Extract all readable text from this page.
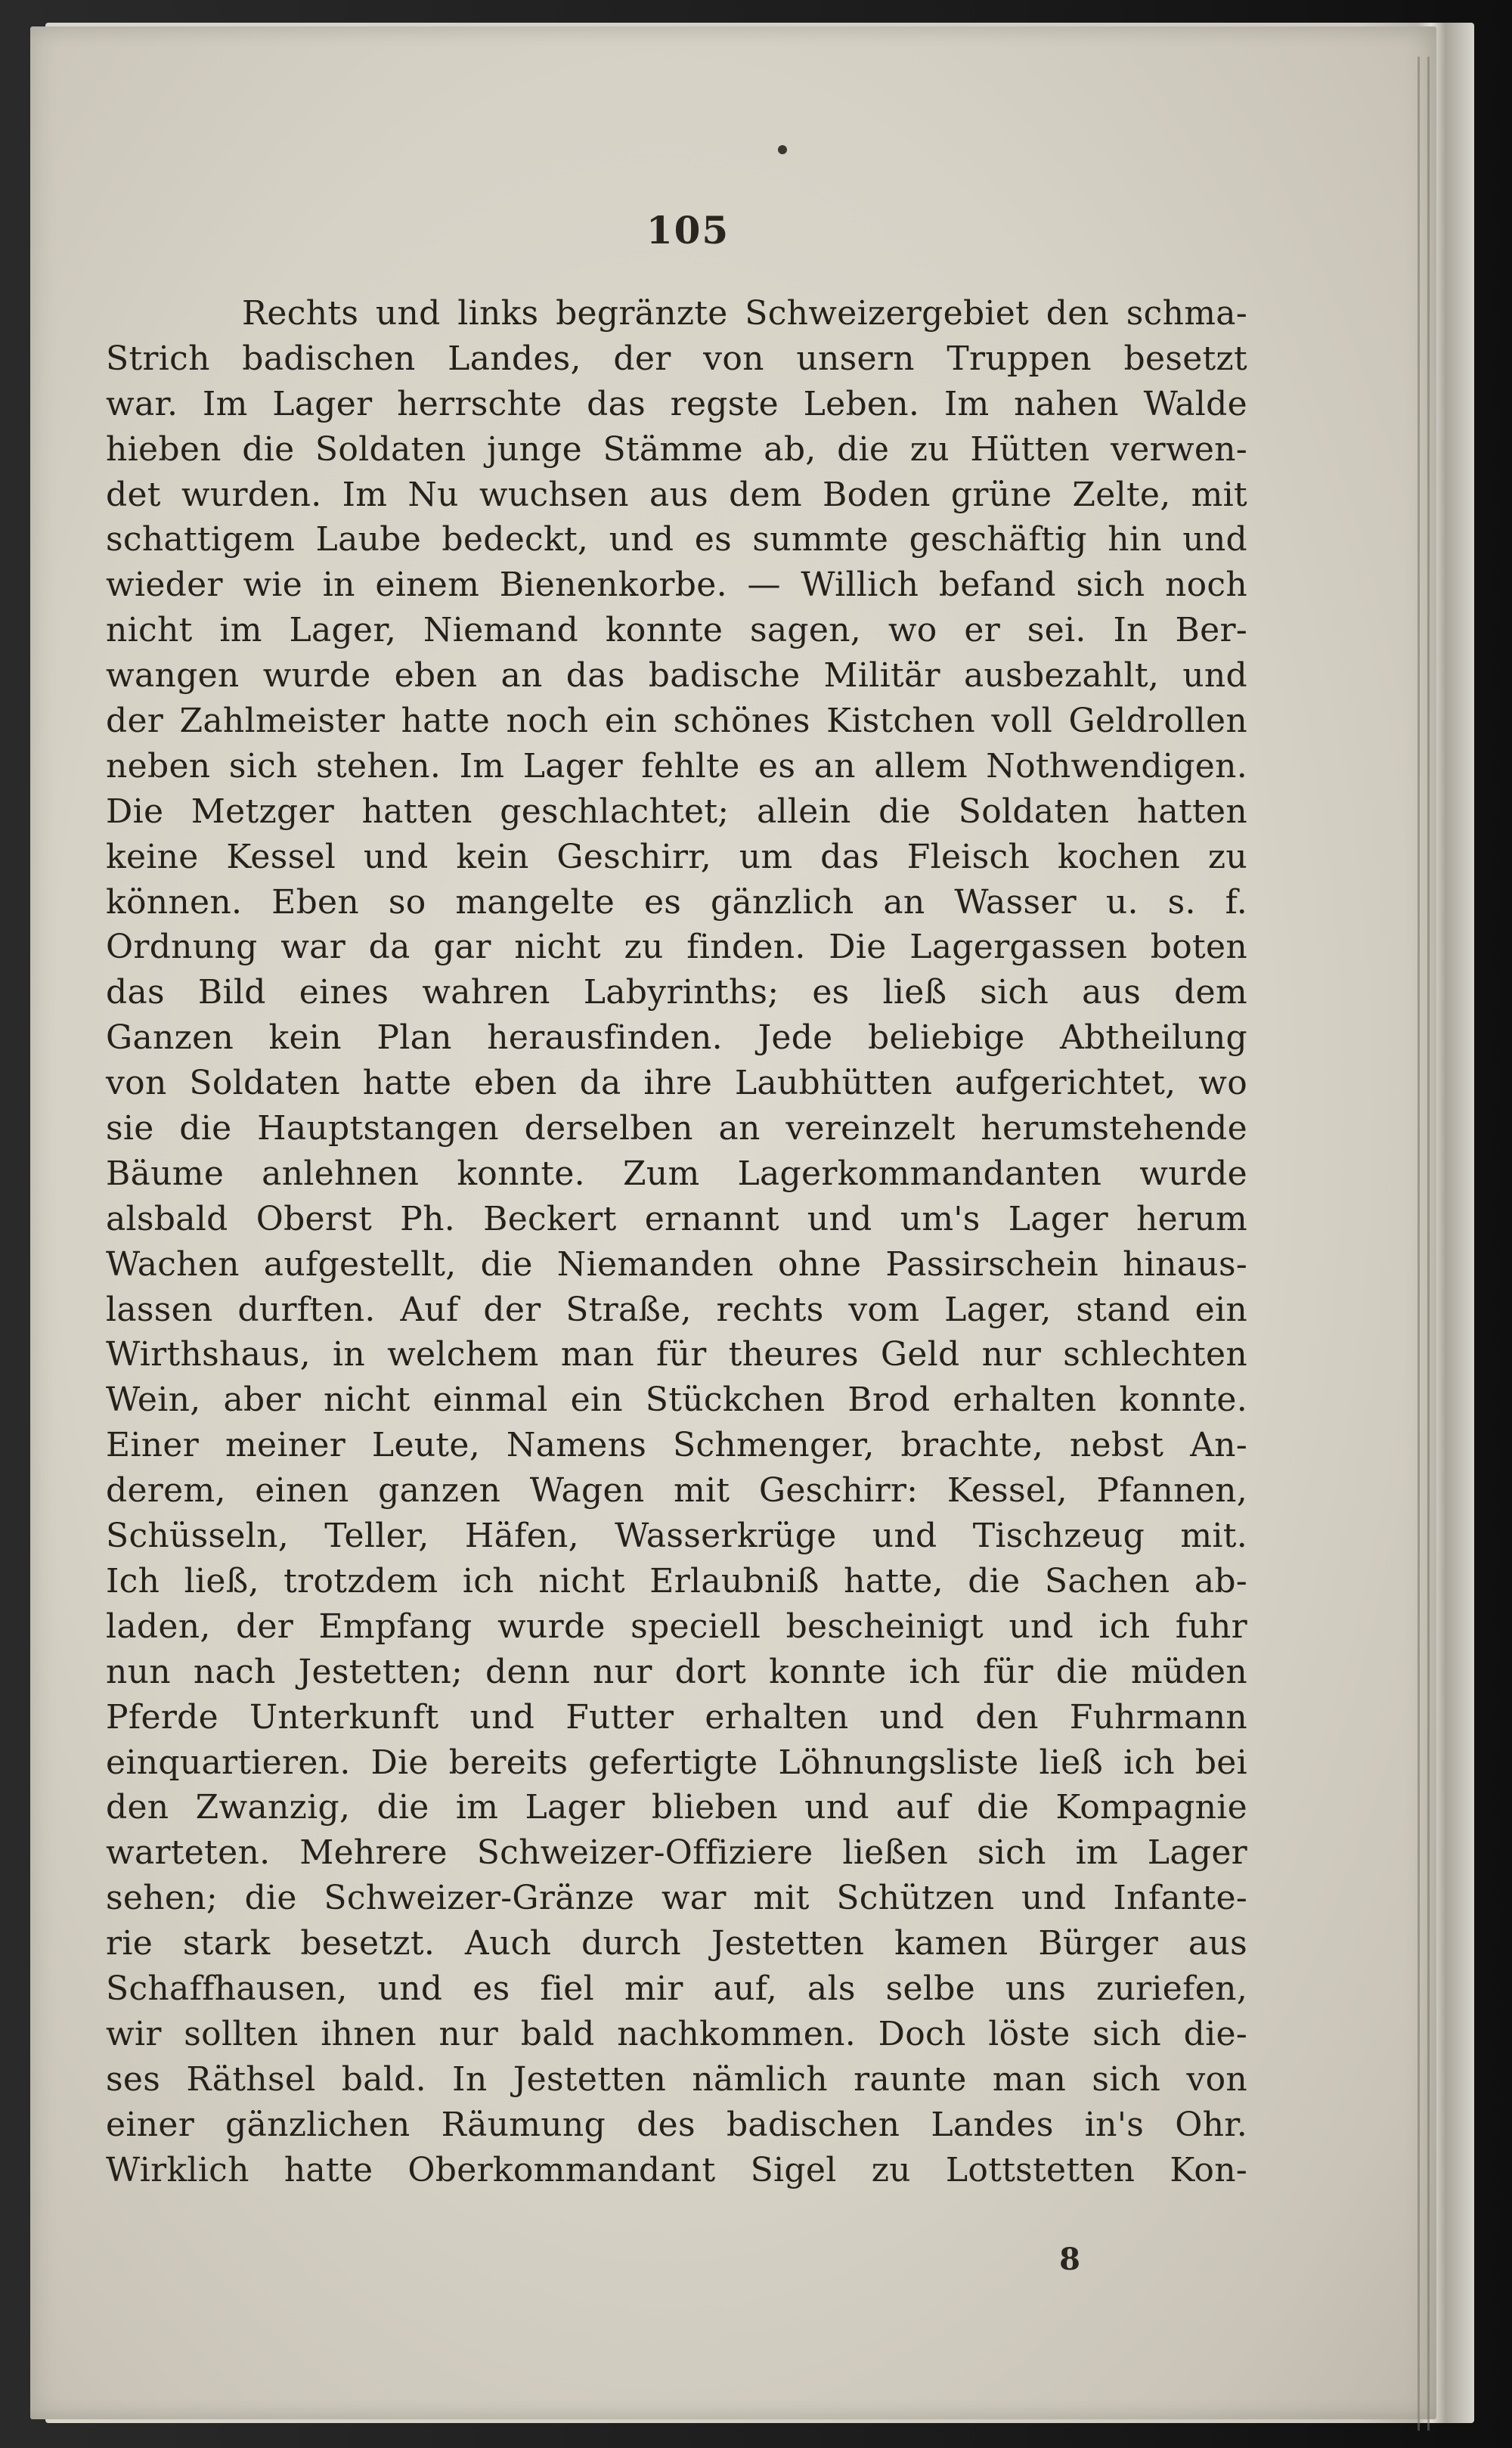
105
Rechts und links begränzte Schweizergebiet den schma-
Strich badischen Landes, der von unsern Truppen besetzt
war. Im Lager herrschte das regste Leben. Im nahen Walde
hieben die Soldaten junge Stämme ab, die zu Hütten verwen-
det wurden. Im Nu wuchsen aus dem Boden grüne Zelte, mit
schattigem Laube bedeckt, und es summte geschäftig hin und
wieder wie in einem Bienenkorbe. — Willich befand sich noch
nicht im Lager, Niemand konnte sagen, wo er sei. In Ber-
wangen wurde eben an das badische Militär ausbezahlt, und
der Zahlmeister hatte noch ein schönes Kistchen voll Geldrollen
neben sich stehen. Im Lager fehlte es an allem Nothwendigen.
Die Metzger hatten geschlachtet; allein die Soldaten hatten
keine Kessel und kein Geschirr, um das Fleisch kochen zu
können. Eben so mangelte es gänzlich an Wasser u. s. f.
Ordnung war da gar nicht zu finden. Die Lagergassen boten
das Bild eines wahren Labyrinths; es ließ sich aus dem
Ganzen kein Plan herausfinden. Jede beliebige Abtheilung
von Soldaten hatte eben da ihre Laubhütten aufgerichtet, wo
sie die Hauptstangen derselben an vereinzelt herumstehende
Bäume anlehnen konnte. Zum Lagerkommandanten wurde
alsbald Oberst Ph. Beckert ernannt und um's Lager herum
Wachen aufgestellt, die Niemanden ohne Passirschein hinaus-
lassen durften. Auf der Straße, rechts vom Lager, stand ein
Wirthshaus, in welchem man für theures Geld nur schlechten
Wein, aber nicht einmal ein Stückchen Brod erhalten konnte.
Einer meiner Leute, Namens Schmenger, brachte, nebst An-
derem, einen ganzen Wagen mit Geschirr: Kessel, Pfannen,
Schüsseln, Teller, Häfen, Wasserkrüge und Tischzeug mit.
Ich ließ, trotzdem ich nicht Erlaubniß hatte, die Sachen ab-
laden, der Empfang wurde speciell bescheinigt und ich fuhr
nun nach Jestetten; denn nur dort konnte ich für die müden
Pferde Unterkunft und Futter erhalten und den Fuhrmann
einquartieren. Die bereits gefertigte Löhnungsliste ließ ich bei
den Zwanzig, die im Lager blieben und auf die Kompagnie
warteten. Mehrere Schweizer-Offiziere ließen sich im Lager
sehen; die Schweizer-Gränze war mit Schützen und Infante-
rie stark besetzt. Auch durch Jestetten kamen Bürger aus
Schaffhausen, und es fiel mir auf, als selbe uns zuriefen,
wir sollten ihnen nur bald nachkommen. Doch löste sich die-
ses Räthsel bald. In Jestetten nämlich raunte man sich von
einer gänzlichen Räumung des badischen Landes in's Ohr.
Wirklich hatte Oberkommandant Sigel zu Lottstetten Kon-
8
